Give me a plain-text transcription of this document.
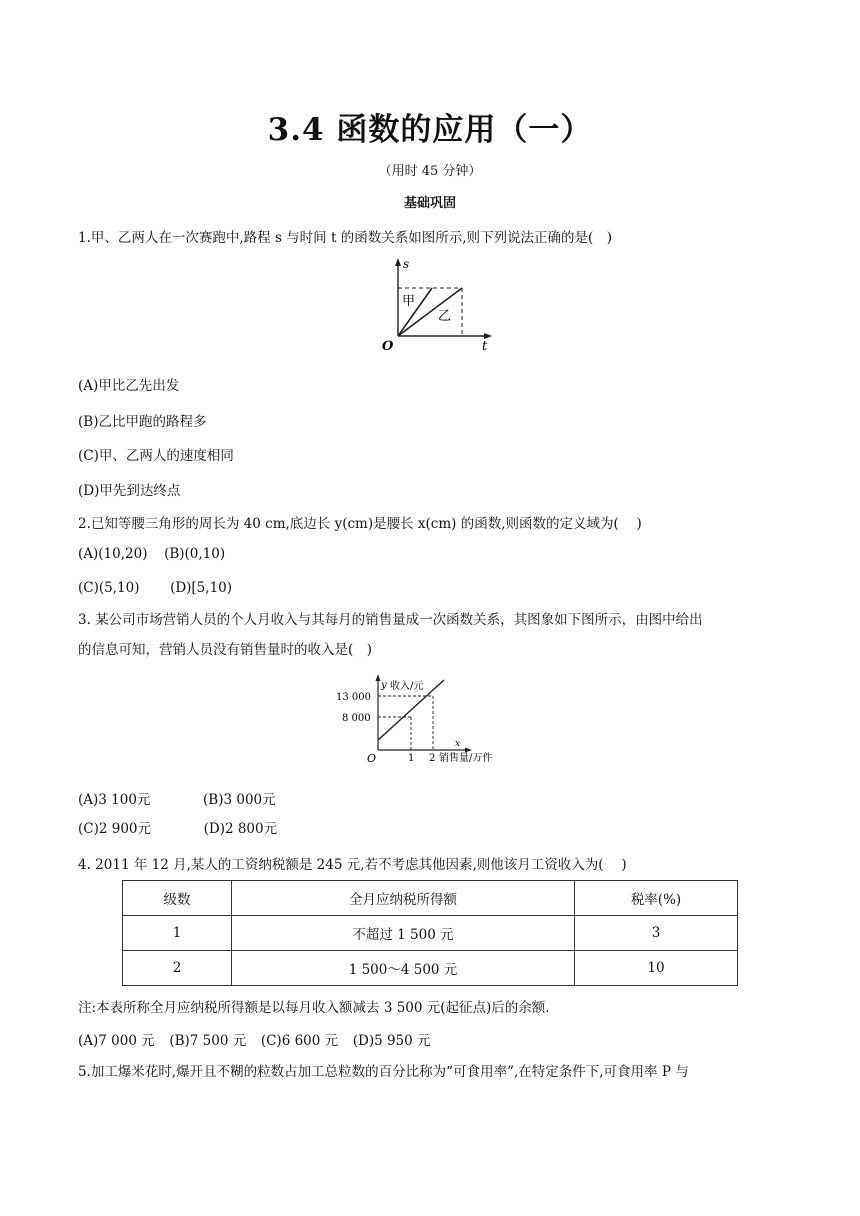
3.4 函数的应用（一）
（用时 45 分钟）
基础巩固
1.甲、乙两人在一次赛跑中,路程 s 与时间 t 的函数关系如图所示,则下列说法正确的是(　)
s
t
O
甲
乙
(A)甲比乙先出发
(B)乙比甲跑的路程多
(C)甲、乙两人的速度相同
(D)甲先到达终点
2.已知等腰三角形的周长为 40 cm,底边长 y(cm)是腰长 x(cm) 的函数,则函数的定义域为(　 )
(A)(10,20) (B)(0,10)
(C)(5,10) (D)[5,10)
3. 某公司市场营销人员的个人月收入与其每月的销售量成一次函数关系，其图象如下图所示，由图中给出
的信息可知，营销人员没有销售量时的收入是(　)
y 收入/元
13 000
8 000
O	1 2
x
销售量/万件
(A)3 100元	(B)3 000元
(C)2 900元	(D)2 800元
4. 2011 年 12 月,某人的工资纳税额是 245 元,若不考虑其他因素,则他该月工资收入为(　 )
级数	全月应纳税所得额	税率(%)
1	不超过 1 500 元	3
2	1 500～4 500 元	10
注:本表所称全月应纳税所得额是以每月收入额减去 3 500 元(起征点)后的余额.
(A)7 000 元 (B)7 500 元 (C)6 600 元 (D)5 950 元
5.加工爆米花时,爆开且不糊的粒数占加工总粒数的百分比称为“可食用率”,在特定条件下,可食用率 P 与
